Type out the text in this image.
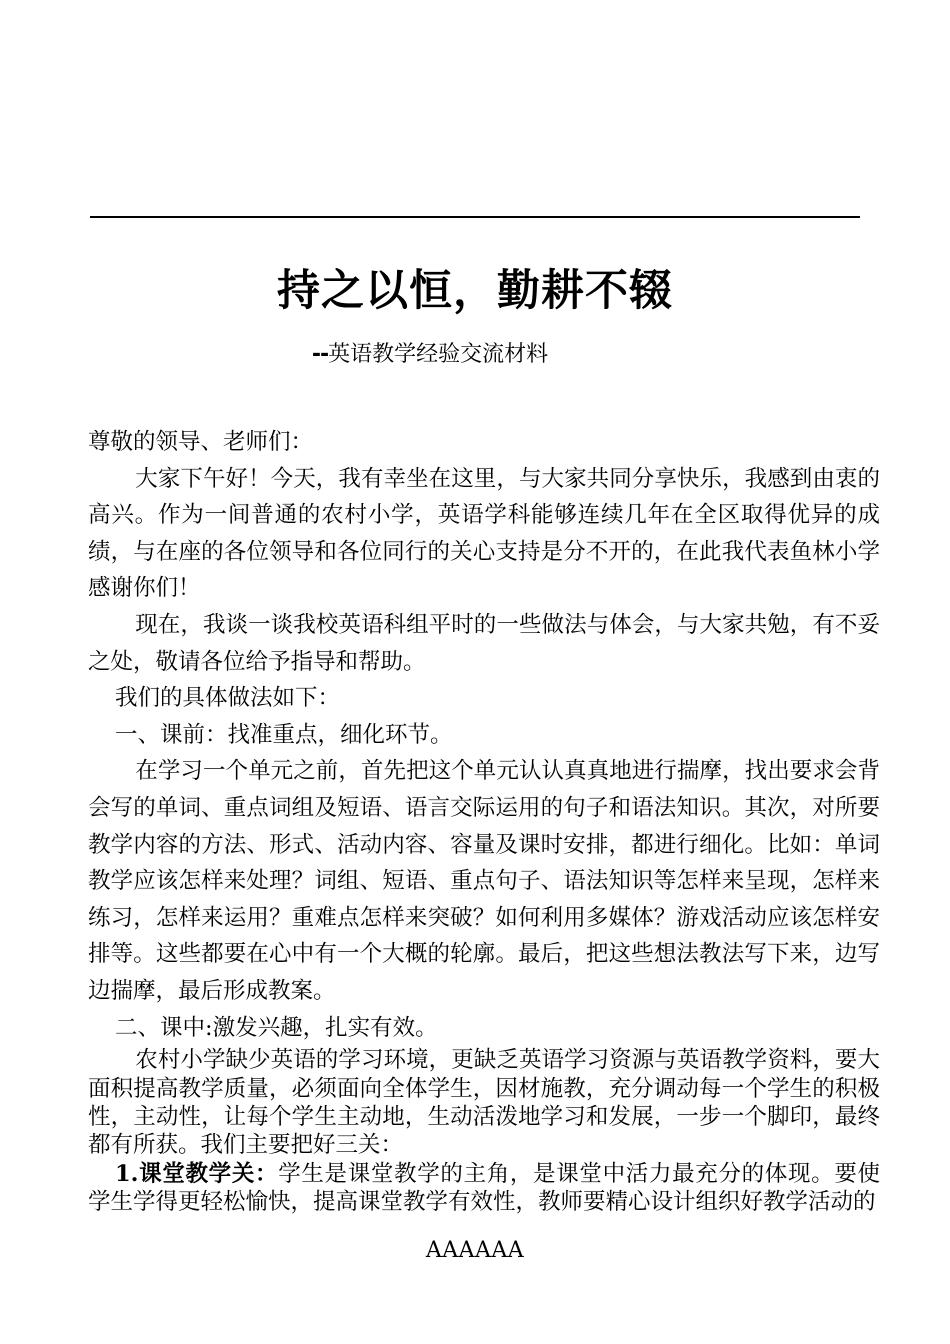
持之以恒，勤耕不辍
--英语教学经验交流材料

尊敬的领导、老师们：

大家下午好！今天，我有幸坐在这里，与大家共同分享快乐，我感到由衷的高兴。作为一间普通的农村小学，英语学科能够连续几年在全区取得优异的成绩，与在座的各位领导和各位同行的关心支持是分不开的，在此我代表鱼林小学感谢你们！

现在，我谈一谈我校英语科组平时的一些做法与体会，与大家共勉，有不妥之处，敬请各位给予指导和帮助。

我们的具体做法如下：

一、课前：找准重点，细化环节。

在学习一个单元之前，首先把这个单元认认真真地进行揣摩，找出要求会背会写的单词、重点词组及短语、语言交际运用的句子和语法知识。其次，对所要教学内容的方法、形式、活动内容、容量及课时安排，都进行细化。比如：单词教学应该怎样来处理？词组、短语、重点句子、语法知识等怎样来呈现，怎样来练习，怎样来运用？重难点怎样来突破？如何利用多媒体？游戏活动应该怎样安排等。这些都要在心中有一个大概的轮廓。最后，把这些想法教法写下来，边写边揣摩，最后形成教案。

二、课中:激发兴趣，扎实有效。

农村小学缺少英语的学习环境，更缺乏英语学习资源与英语教学资料，要大面积提高教学质量，必须面向全体学生，因材施教，充分调动每一个学生的积极性，主动性，让每个学生主动地，生动活泼地学习和发展，一步一个脚印，最终都有所获。我们主要把好三关：

1.课堂教学关：学生是课堂教学的主角，是课堂中活力最充分的体现。要使学生学得更轻松愉快，提高课堂教学有效性，教师要精心设计组织好教学活动的

AAAAAA
